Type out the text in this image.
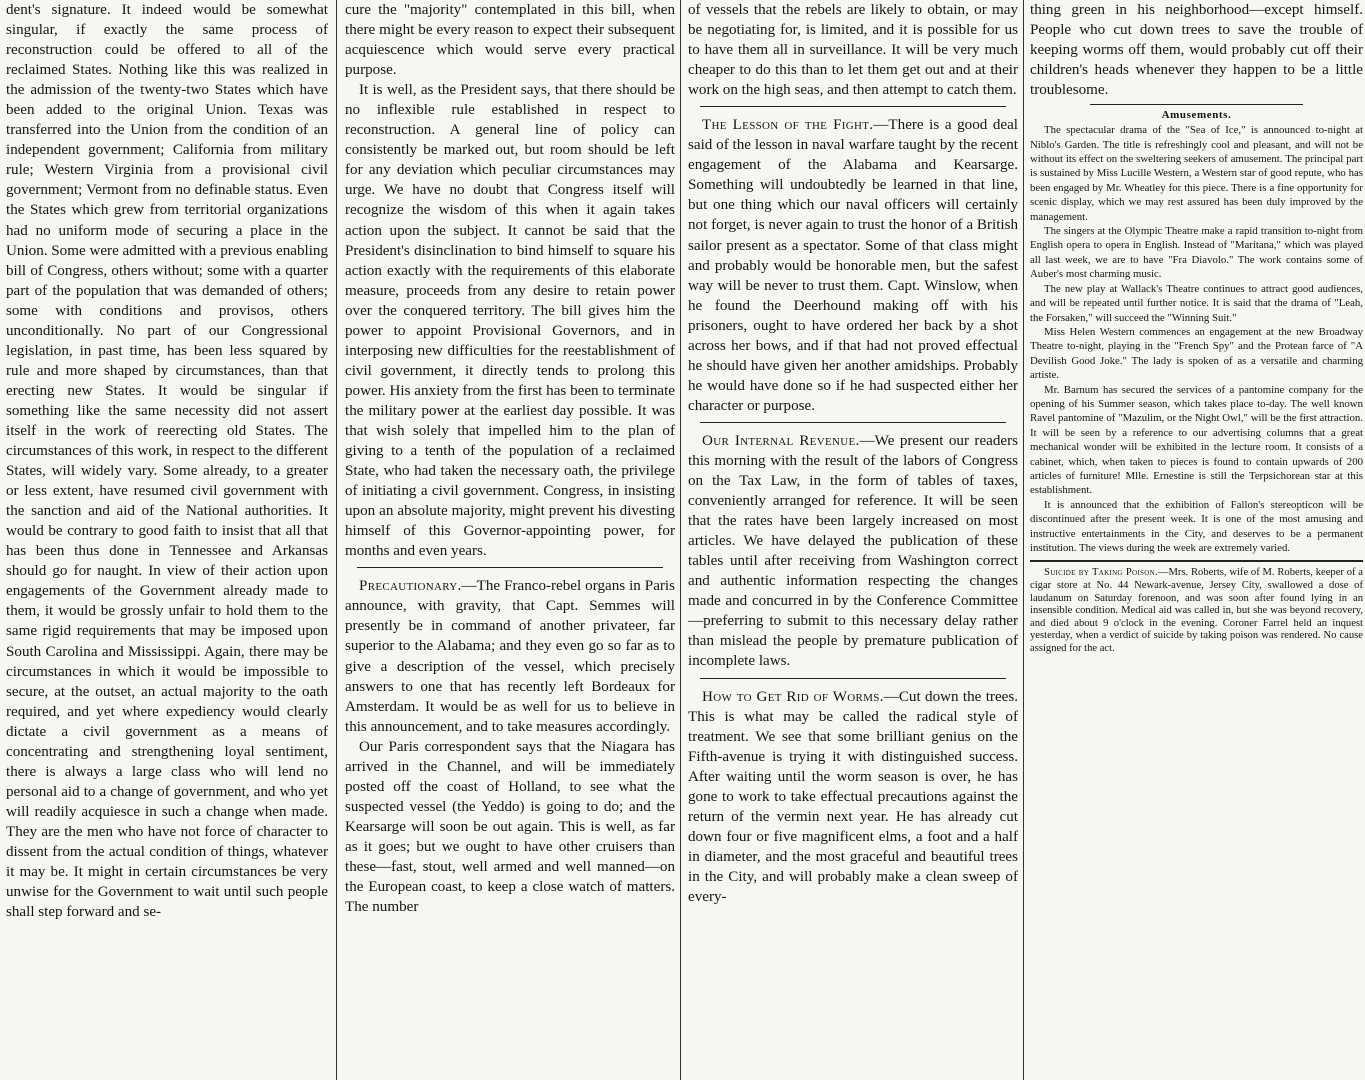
dent's signature. It indeed would be somewhat singular, if exactly the same process of reconstruction could be offered to all of the reclaimed States. Nothing like this was realized in the admission of the twenty-two States which have been added to the original Union. Texas was transferred into the Union from the condition of an independent government; California from military rule; Western Virginia from a provisional civil government; Vermont from no definable status. Even the States which grew from territorial organizations had no uniform mode of securing a place in the Union. Some were admitted with a previous enabling bill of Congress, others without; some with a quarter part of the population that was demanded of others; some with conditions and provisos, others unconditionally. No part of our Congressional legislation, in past time, has been less squared by rule and more shaped by circumstances, than that erecting new States. It would be singular if something like the same necessity did not assert itself in the work of reerecting old States. The circumstances of this work, in respect to the different States, will widely vary. Some already, to a greater or less extent, have resumed civil government with the sanction and aid of the National authorities. It would be contrary to good faith to insist that all that has been thus done in Tennessee and Arkansas should go for naught. In view of their action upon engagements of the Government already made to them, it would be grossly unfair to hold them to the same rigid requirements that may be imposed upon South Carolina and Mississippi. Again, there may be circumstances in which it would be impossible to secure, at the outset, an actual majority to the oath required, and yet where expediency would clearly dictate a civil government as a means of concentrating and strengthening loyal sentiment, there is always a large class who will lend no personal aid to a change of government, and who yet will readily acquiesce in such a change when made. They are the men who have not force of character to dissent from the actual condition of things, whatever it may be. It might in certain circumstances be very unwise for the Government to wait until such people shall step forward and se-

cure the "majority" contemplated in this bill, when there might be every reason to expect their subsequent acquiescence which would serve every practical purpose.

It is well, as the President says, that there should be no inflexible rule established in respect to reconstruction. A general line of policy can consistently be marked out, but room should be left for any deviation which peculiar circumstances may urge. We have no doubt that Congress itself will recognize the wisdom of this when it again takes action upon the subject. It cannot be said that the President's disinclination to bind himself to square his action exactly with the requirements of this elaborate measure, proceeds from any desire to retain power over the conquered territory. The bill gives him the power to appoint Provisional Governors, and in interposing new difficulties for the reestablishment of civil government, it directly tends to prolong this power. His anxiety from the first has been to terminate the military power at the earliest day possible. It was that wish solely that impelled him to the plan of giving to a tenth of the population of a reclaimed State, who had taken the necessary oath, the privilege of initiating a civil government. Congress, in insisting upon an absolute majority, might prevent his divesting himself of this Governor-appointing power, for months and even years.

Precautionary.—The Franco-rebel organs in Paris announce, with gravity, that Capt. Semmes will presently be in command of another privateer, far superior to the Alabama; and they even go so far as to give a description of the vessel, which precisely answers to one that has recently left Bordeaux for Amsterdam. It would be as well for us to believe in this announcement, and to take measures accordingly.

Our Paris correspondent says that the Niagara has arrived in the Channel, and will be immediately posted off the coast of Holland, to see what the suspected vessel (the Yeddo) is going to do; and the Kearsarge will soon be out again. This is well, as far as it goes; but we ought to have other cruisers than these—fast, stout, well armed and well manned—on the European coast, to keep a close watch of matters. The number

of vessels that the rebels are likely to obtain, or may be negotiating for, is limited, and it is possible for us to have them all in surveillance. It will be very much cheaper to do this than to let them get out and at their work on the high seas, and then attempt to catch them.

The Lesson of the Fight.—There is a good deal said of the lesson in naval warfare taught by the recent engagement of the Alabama and Kearsarge. Something will undoubtedly be learned in that line, but one thing which our naval officers will certainly not forget, is never again to trust the honor of a British sailor present as a spectator. Some of that class might and probably would be honorable men, but the safest way will be never to trust them. Capt. Winslow, when he found the Deerhound making off with his prisoners, ought to have ordered her back by a shot across her bows, and if that had not proved effectual he should have given her another amidships. Probably he would have done so if he had suspected either her character or purpose.

Our Internal Revenue.—We present our readers this morning with the result of the labors of Congress on the Tax Law, in the form of tables of taxes, conveniently arranged for reference. It will be seen that the rates have been largely increased on most articles. We have delayed the publication of these tables until after receiving from Washington correct and authentic information respecting the changes made and concurred in by the Conference Committee—preferring to submit to this necessary delay rather than mislead the people by premature publication of incomplete laws.

How to Get Rid of Worms.—Cut down the trees. This is what may be called the radical style of treatment. We see that some brilliant genius on the Fifth-avenue is trying it with distinguished success. After waiting until the worm season is over, he has gone to work to take effectual precautions against the return of the vermin next year. He has already cut down four or five magnificent elms, a foot and a half in diameter, and the most graceful and beautiful trees in the City, and will probably make a clean sweep of every-

thing green in his neighborhood—except himself. People who cut down trees to save the trouble of keeping worms off them, would probably cut off their children's heads whenever they happen to be a little troublesome.

Amusements.

The spectacular drama of the "Sea of Ice," is announced to-night at Niblo's Garden. The title is refreshingly cool and pleasant, and will not be without its effect on the sweltering seekers of amusement. The principal part is sustained by Miss Lucille Western, a Western star of good repute, who has been engaged by Mr. Wheatley for this piece. There is a fine opportunity for scenic display, which we may rest assured has been duly improved by the management.

The singers at the Olympic Theatre make a rapid transition to-night from English opera to opera in English. Instead of "Maritana," which was played all last week, we are to have "Fra Diavolo." The work contains some of Auber's most charming music.

The new play at Wallack's Theatre continues to attract good audiences, and will be repeated until further notice. It is said that the drama of "Leah, the Forsaken," will succeed the "Winning Suit."

Miss Helen Western commences an engagement at the new Broadway Theatre to-night, playing in the "French Spy" and the Protean farce of "A Devilish Good Joke." The lady is spoken of as a versatile and charming artiste.

Mr. Barnum has secured the services of a pantomine company for the opening of his Summer season, which takes place to-day. The well known Ravel pantomine of "Mazulim, or the Night Owl," will be the first attraction. It will be seen by a reference to our advertising columns that a great mechanical wonder will be exhibited in the lecture room. It consists of a cabinet, which, when taken to pieces is found to contain upwards of 200 articles of furniture! Mlle. Ernestine is still the Terpsichorean star at this establishment.

It is announced that the exhibition of Fallon's stereopticon will be discontinued after the present week. It is one of the most amusing and instructive entertainments in the City, and deserves to be a permanent institution. The views during the week are extremely varied.

Suicide by Taking Poison.—Mrs. Roberts, wife of M. Roberts, keeper of a cigar store at No. 44 Newark-avenue, Jersey City, swallowed a dose of laudanum on Saturday forenoon, and was soon after found lying in an insensible condition. Medical aid was called in, but she was beyond recovery, and died about 9 o'clock in the evening. Coroner Farrel held an inquest yesterday, when a verdict of suicide by taking poison was rendered. No cause assigned for the act.
